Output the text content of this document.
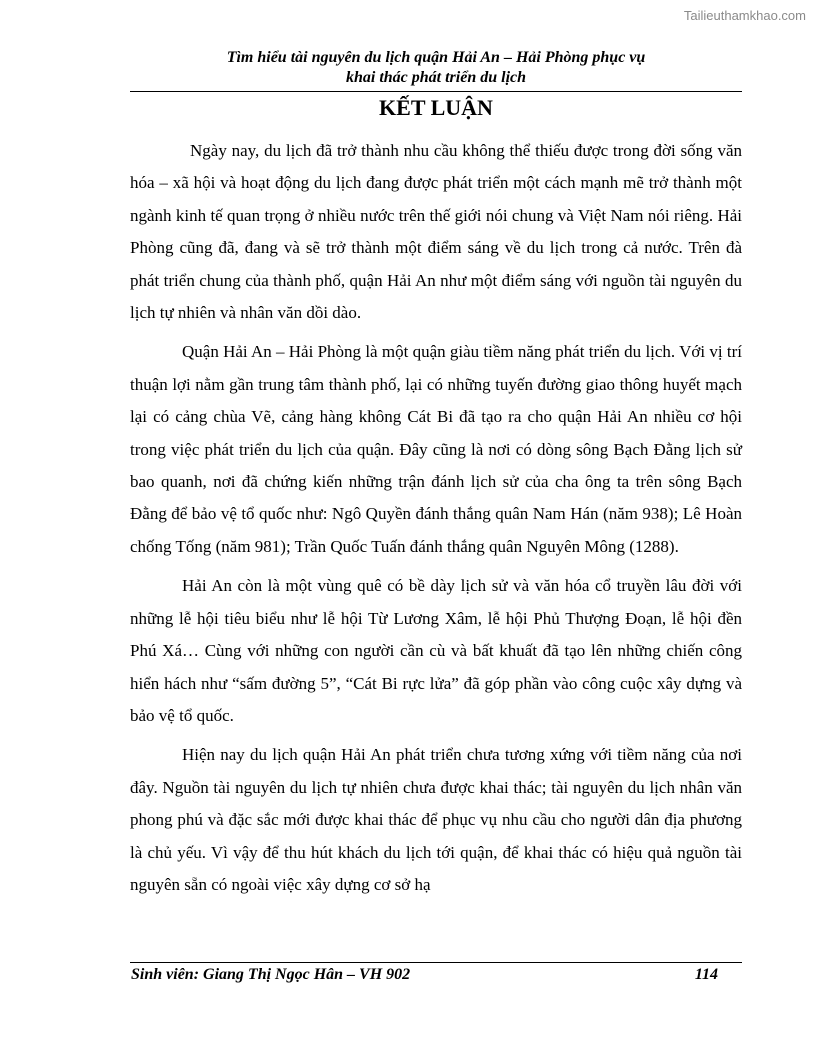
Tailieuthamkhao.com
Tìm hiểu tài nguyên du lịch quận Hải An – Hải Phòng phục vụ
khai thác phát triển du lịch
KẾT LUẬN

Ngày nay, du lịch đã trở thành nhu cầu không thể thiếu được trong đời sống văn hóa – xã hội và hoạt động du lịch đang được phát triển một cách mạnh mẽ trở thành một ngành kinh tế quan trọng ở nhiều nước trên thế giới nói chung và Việt Nam nói riêng. Hải Phòng cũng đã, đang và sẽ trở thành một điểm sáng về du lịch trong cả nước. Trên đà phát triển chung của thành phố, quận Hải An như một điểm sáng với nguồn tài nguyên du lịch tự nhiên và nhân văn dồi dào.

Quận Hải An – Hải Phòng là một quận giàu tiềm năng phát triển du lịch. Với vị trí thuận lợi nằm gần trung tâm thành phố, lại có những tuyến đường giao thông huyết mạch lại có cảng chùa Vẽ, cảng hàng không Cát Bi đã tạo ra cho quận Hải An nhiều cơ hội trong việc phát triển du lịch của quận. Đây cũng là nơi có dòng sông Bạch Đằng lịch sử bao quanh, nơi đã chứng kiến những trận đánh lịch sử của cha ông ta trên sông Bạch Đằng để bảo vệ tổ quốc như: Ngô Quyền đánh thắng quân Nam Hán (năm 938); Lê Hoàn chống Tống (năm 981); Trần Quốc Tuấn đánh thắng quân Nguyên Mông (1288).

Hải An còn là một vùng quê có bề dày lịch sử và văn hóa cổ truyền lâu đời với những lễ hội tiêu biểu như lễ hội Từ Lương Xâm, lễ hội Phủ Thượng Đoạn, lễ hội đền Phú Xá… Cùng với những con người cần cù và bất khuất đã tạo lên những chiến công hiển hách như “sấm đường 5”, “Cát Bi rực lửa” đã góp phần vào công cuộc xây dựng và bảo vệ tổ quốc.

Hiện nay du lịch quận Hải An phát triển chưa tương xứng với tiềm năng của nơi đây. Nguồn tài nguyên du lịch tự nhiên chưa được khai thác; tài nguyên du lịch nhân văn phong phú và đặc sắc mới được khai thác để phục vụ nhu cầu cho người dân địa phương là chủ yếu. Vì vậy để thu hút khách du lịch tới quận, để khai thác có hiệu quả nguồn tài nguyên sẵn có ngoài việc xây dựng cơ sở hạ

Sinh viên: Giang Thị Ngọc Hân – VH 902	114
